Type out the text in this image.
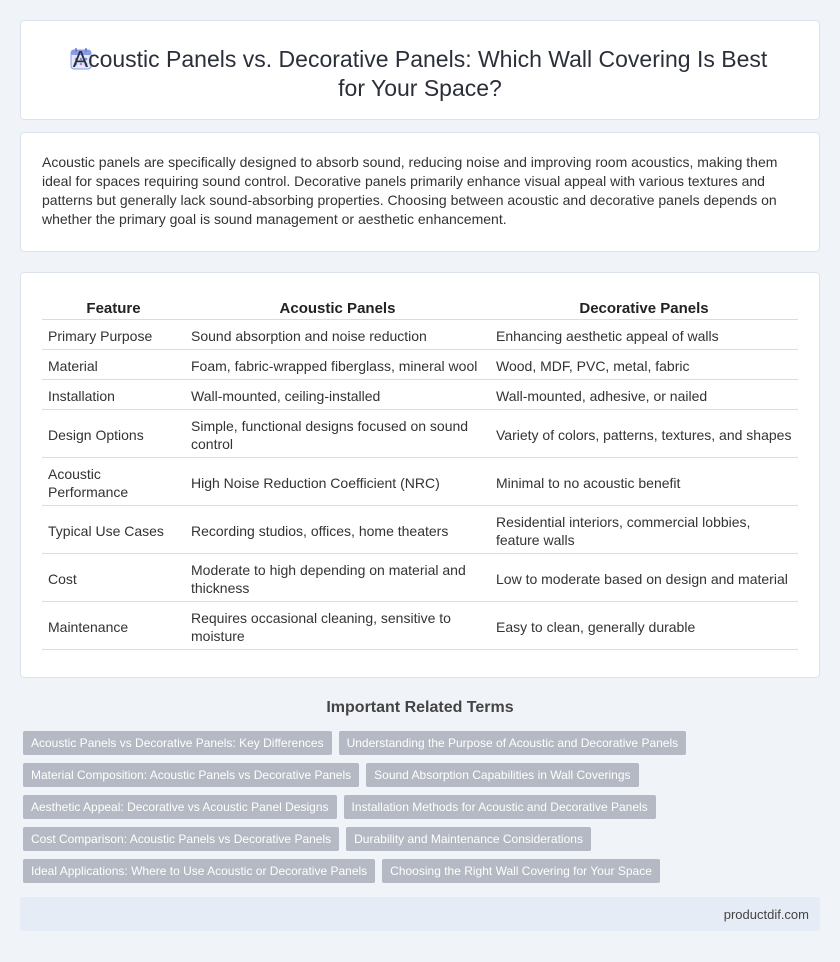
Acoustic Panels vs. Decorative Panels: Which Wall Covering Is Best for Your Space?

Acoustic panels are specifically designed to absorb sound, reducing noise and improving room acoustics, making them ideal for spaces requiring sound control. Decorative panels primarily enhance visual appeal with various textures and patterns but generally lack sound-absorbing properties. Choosing between acoustic and decorative panels depends on whether the primary goal is sound management or aesthetic enhancement.

Feature	Acoustic Panels	Decorative Panels
Primary Purpose	Sound absorption and noise reduction	Enhancing aesthetic appeal of walls
Material	Foam, fabric-wrapped fiberglass, mineral wool	Wood, MDF, PVC, metal, fabric
Installation	Wall-mounted, ceiling-installed	Wall-mounted, adhesive, or nailed
Design Options	Simple, functional designs focused on sound control	Variety of colors, patterns, textures, and shapes
Acoustic Performance	High Noise Reduction Coefficient (NRC)	Minimal to no acoustic benefit
Typical Use Cases	Recording studios, offices, home theaters	Residential interiors, commercial lobbies, feature walls
Cost	Moderate to high depending on material and thickness	Low to moderate based on design and material
Maintenance	Requires occasional cleaning, sensitive to moisture	Easy to clean, generally durable
Important Related Terms
Acoustic Panels vs Decorative Panels: Key Differences	Understanding the Purpose of Acoustic and Decorative Panels
Material Composition: Acoustic Panels vs Decorative Panels	Sound Absorption Capabilities in Wall Coverings
Aesthetic Appeal: Decorative vs Acoustic Panel Designs	Installation Methods for Acoustic and Decorative Panels
Cost Comparison: Acoustic Panels vs Decorative Panels	Durability and Maintenance Considerations
Ideal Applications: Where to Use Acoustic or Decorative Panels	Choosing the Right Wall Covering for Your Space
productdif.com
